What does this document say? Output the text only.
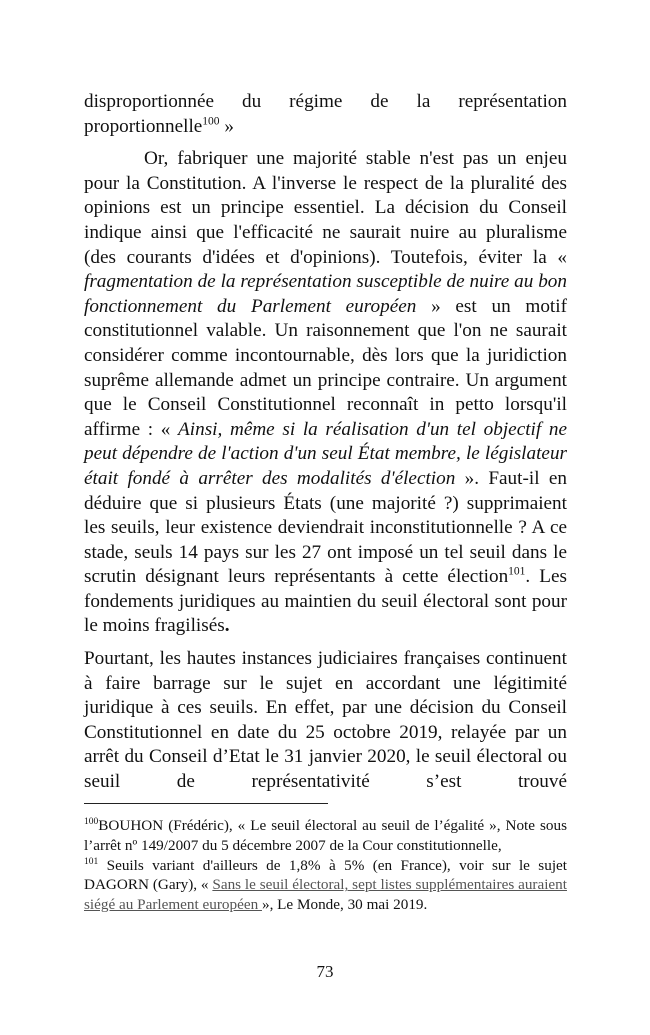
disproportionnée du régime de la représentation proportionnelle$^{100}$ »

Or, fabriquer une majorité stable n'est pas un enjeu pour la Constitution. A l'inverse le respect de la pluralité des opinions est un principe essentiel. La décision du Conseil indique ainsi que l'efficacité ne saurait nuire au pluralisme (des courants d'idées et d'opinions). Toutefois, éviter la « fragmentation de la représentation susceptible de nuire au bon fonctionnement du Parlement européen » est un motif constitutionnel valable. Un raisonnement que l'on ne saurait considérer comme incontournable, dès lors que la juridiction suprême allemande admet un principe contraire. Un argument que le Conseil Constitutionnel reconnaît in petto lorsqu'il affirme : « Ainsi, même si la réalisation d'un tel objectif ne peut dépendre de l'action d'un seul État membre, le législateur était fondé à arrêter des modalités d'élection ». Faut-il en déduire que si plusieurs États (une majorité ?) supprimaient les seuils, leur existence deviendrait inconstitutionnelle ? A ce stade, seuls 14 pays sur les 27 ont imposé un tel seuil dans le scrutin désignant leurs représentants à cette élection$^{101}$. Les fondements juridiques au maintien du seuil électoral sont pour le moins fragilisés.

Pourtant, les hautes instances judiciaires françaises continuent à faire barrage sur le sujet en accordant une légitimité juridique à ces seuils. En effet, par une décision du Conseil Constitutionnel en date du 25 octobre 2019, relayée par un arrêt du Conseil d’Etat le 31 janvier 2020, le seuil électoral ou seuil de représentativité s’est trouvé

$^{100}$BOUHON (Frédéric), « Le seuil électoral au seuil de l’égalité », Note sous l’arrêt nº 149/2007 du 5 décembre 2007 de la Cour constitutionnelle,

$^{101}$ Seuils variant d'ailleurs de 1,8% à 5% (en France), voir sur le sujet DAGORN (Gary), « Sans le seuil électoral, sept listes supplémentaires auraient siégé au Parlement européen », Le Monde, 30 mai 2019.

73
